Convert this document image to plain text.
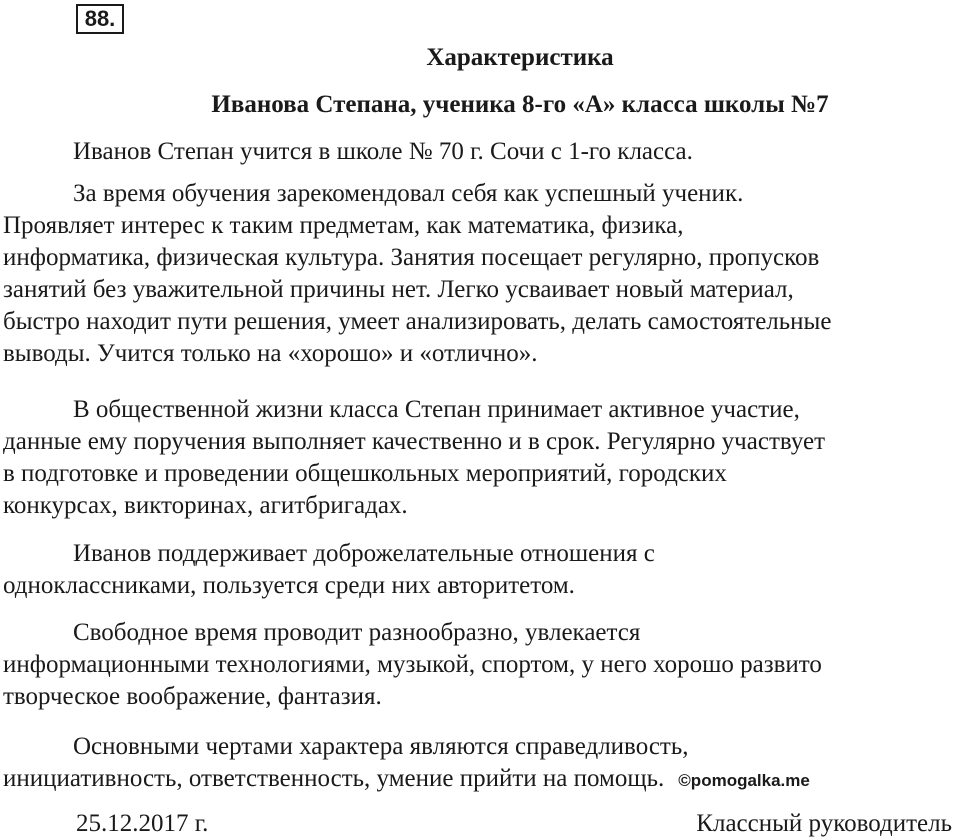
88.
Характеристика
Иванова Степана, ученика 8-го «А» класса школы №7

Иванов Степан учится в школе № 70 г. Сочи с 1-го класса.

За время обучения зарекомендовал себя как успешный ученик.
Проявляет интерес к таким предметам, как математика, физика,
информатика, физическая культура. Занятия посещает регулярно, пропусков
занятий без уважительной причины нет. Легко усваивает новый материал,
быстро находит пути решения, умеет анализировать, делать самостоятельные
выводы. Учится только на «хорошо» и «отлично».

В общественной жизни класса Степан принимает активное участие,
данные ему поручения выполняет качественно и в срок. Регулярно участвует
в подготовке и проведении общешкольных мероприятий, городских
конкурсах, викторинах, агитбригадах.

Иванов поддерживает доброжелательные отношения с
одноклассниками, пользуется среди них авторитетом.

Свободное время проводит разнообразно, увлекается
информационными технологиями, музыкой, спортом, у него хорошо развито
творческое воображение, фантазия.

Основными чертами характера являются справедливость,
инициативность, ответственность, умение прийти на помощь. ©pomogalka.me

25.12.2017 г.	Классный руководитель
